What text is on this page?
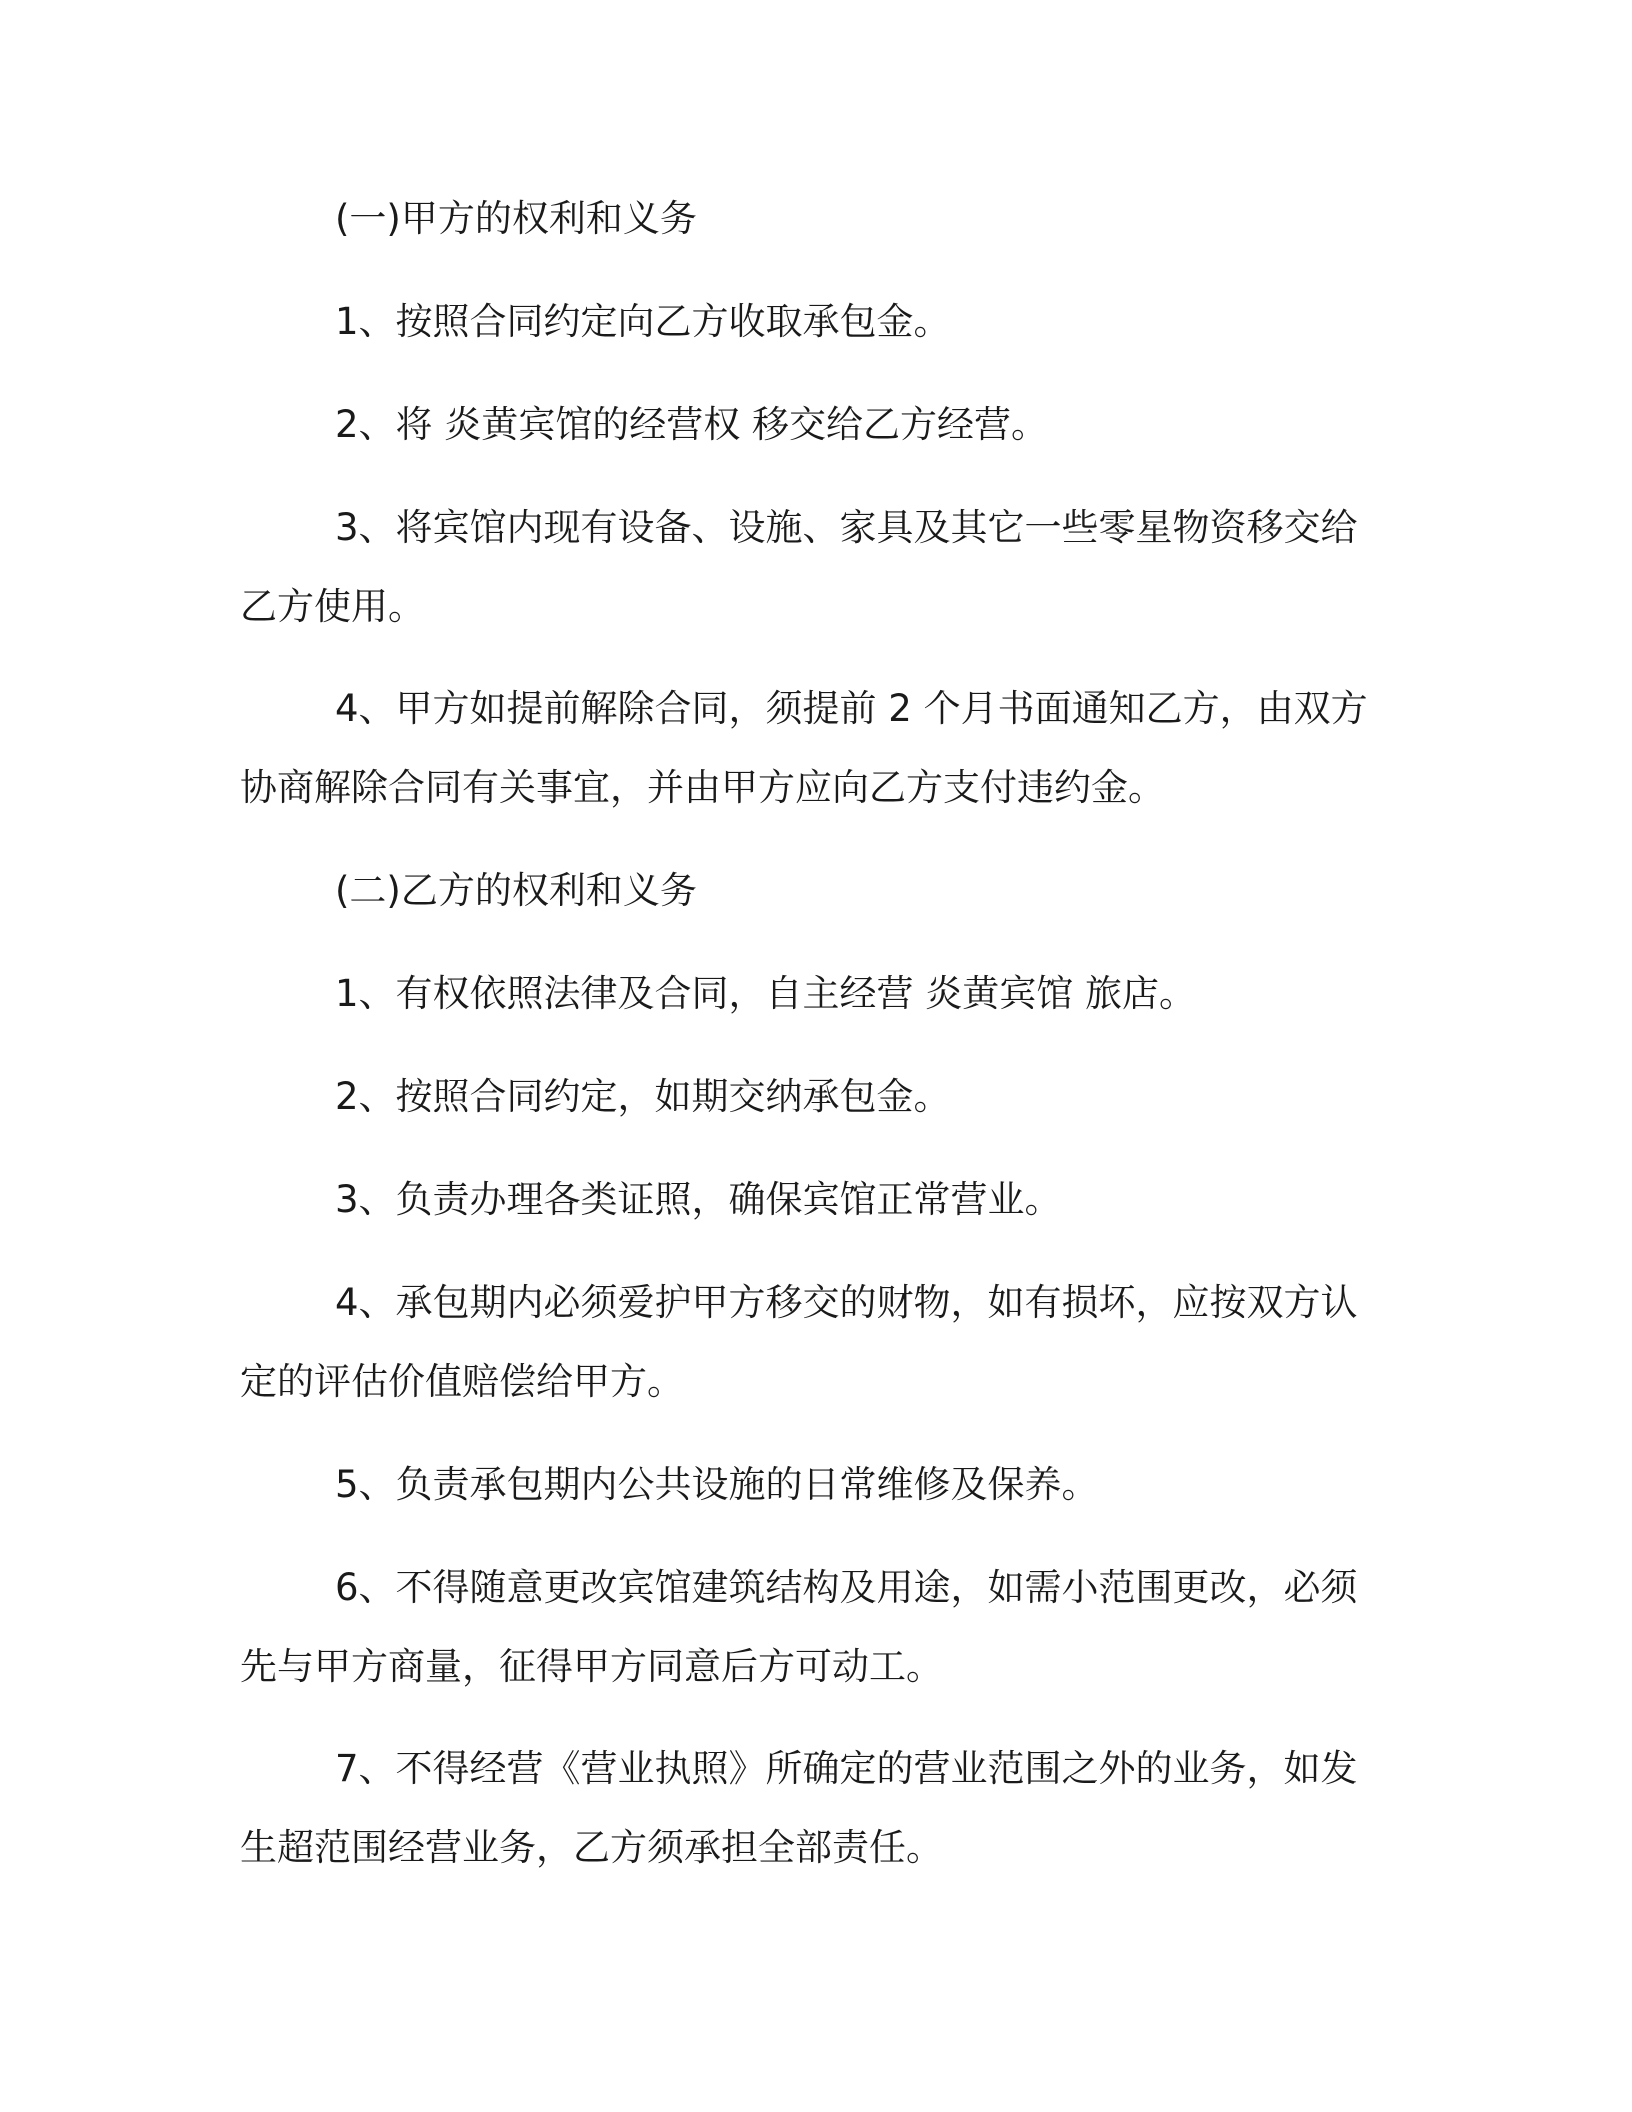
(一)甲方的权利和义务

1、按照合同约定向乙方收取承包金。

2、将 炎黄宾馆的经营权 移交给乙方经营。

3、将宾馆内现有设备、设施、家具及其它一些零星物资移交给
乙方使用。

4、甲方如提前解除合同，须提前 2 个月书面通知乙方，由双方
协商解除合同有关事宜，并由甲方应向乙方支付违约金。

(二)乙方的权利和义务

1、有权依照法律及合同，自主经营 炎黄宾馆 旅店。

2、按照合同约定，如期交纳承包金。

3、负责办理各类证照，确保宾馆正常营业。

4、承包期内必须爱护甲方移交的财物，如有损坏，应按双方认
定的评估价值赔偿给甲方。

5、负责承包期内公共设施的日常维修及保养。

6、不得随意更改宾馆建筑结构及用途，如需小范围更改，必须
先与甲方商量，征得甲方同意后方可动工。

7、不得经营《营业执照》所确定的营业范围之外的业务，如发
生超范围经营业务，乙方须承担全部责任。
